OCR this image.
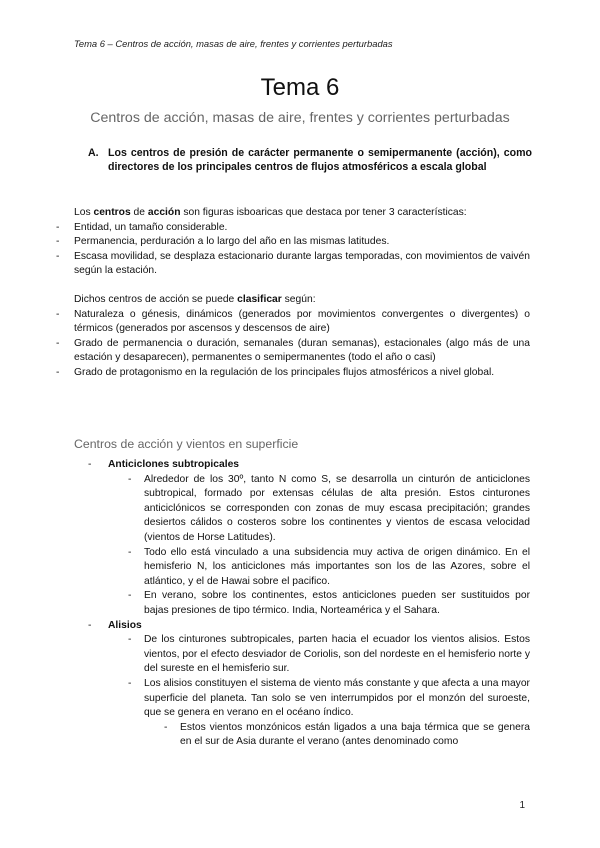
Tema 6 – Centros de acción, masas de aire, frentes y corrientes perturbadas
Tema 6
Centros de acción, masas de aire, frentes y corrientes perturbadas
A. Los centros de presión de carácter permanente o semipermanente (acción), como directores de los principales centros de flujos atmosféricos a escala global
Los centros de acción son figuras isboaricas que destaca por tener 3 características:
- Entidad, un tamaño considerable.
- Permanencia, perduración a lo largo del año en las mismas latitudes.
- Escasa movilidad, se desplaza estacionario durante largas temporadas, con movimientos de vaivén según la estación.
Dichos centros de acción se puede clasificar según:
- Naturaleza o génesis, dinámicos (generados por movimientos convergentes o divergentes) o térmicos (generados por ascensos y descensos de aire)
- Grado de permanencia o duración, semanales (duran semanas), estacionales (algo más de una estación y desaparecen), permanentes o semipermanentes (todo el año o casi)
- Grado de protagonismo en la regulación de los principales flujos atmosféricos a nivel global.
Centros de acción y vientos en superficie
- Anticiclones subtropicales
- Alrededor de los 30º, tanto N como S, se desarrolla un cinturón de anticiclones subtropical, formado por extensas células de alta presión. Estos cinturones anticiclónicos se corresponden con zonas de muy escasa precipitación; grandes desiertos cálidos o costeros sobre los continentes y vientos de escasa velocidad (vientos de Horse Latitudes).
- Todo ello está vinculado a una subsidencia muy activa de origen dinámico. En el hemisferio N, los anticiclones más importantes son los de las Azores, sobre el atlántico, y el de Hawai sobre el pacifico.
- En verano, sobre los continentes, estos anticiclones pueden ser sustituidos por bajas presiones de tipo térmico. India, Norteamérica y el Sahara.
- Alisios
- De los cinturones subtropicales, parten hacia el ecuador los vientos alisios. Estos vientos, por el efecto desviador de Coriolis, son del nordeste en el hemisferio norte y del sureste en el hemisferio sur.
- Los alisios constituyen el sistema de viento más constante y que afecta a una mayor superficie del planeta. Tan solo se ven interrumpidos por el monzón del suroeste, que se genera en verano en el océano índico.
- Estos vientos monzónicos están ligados a una baja térmica que se genera en el sur de Asia durante el verano (antes denominado como
1
